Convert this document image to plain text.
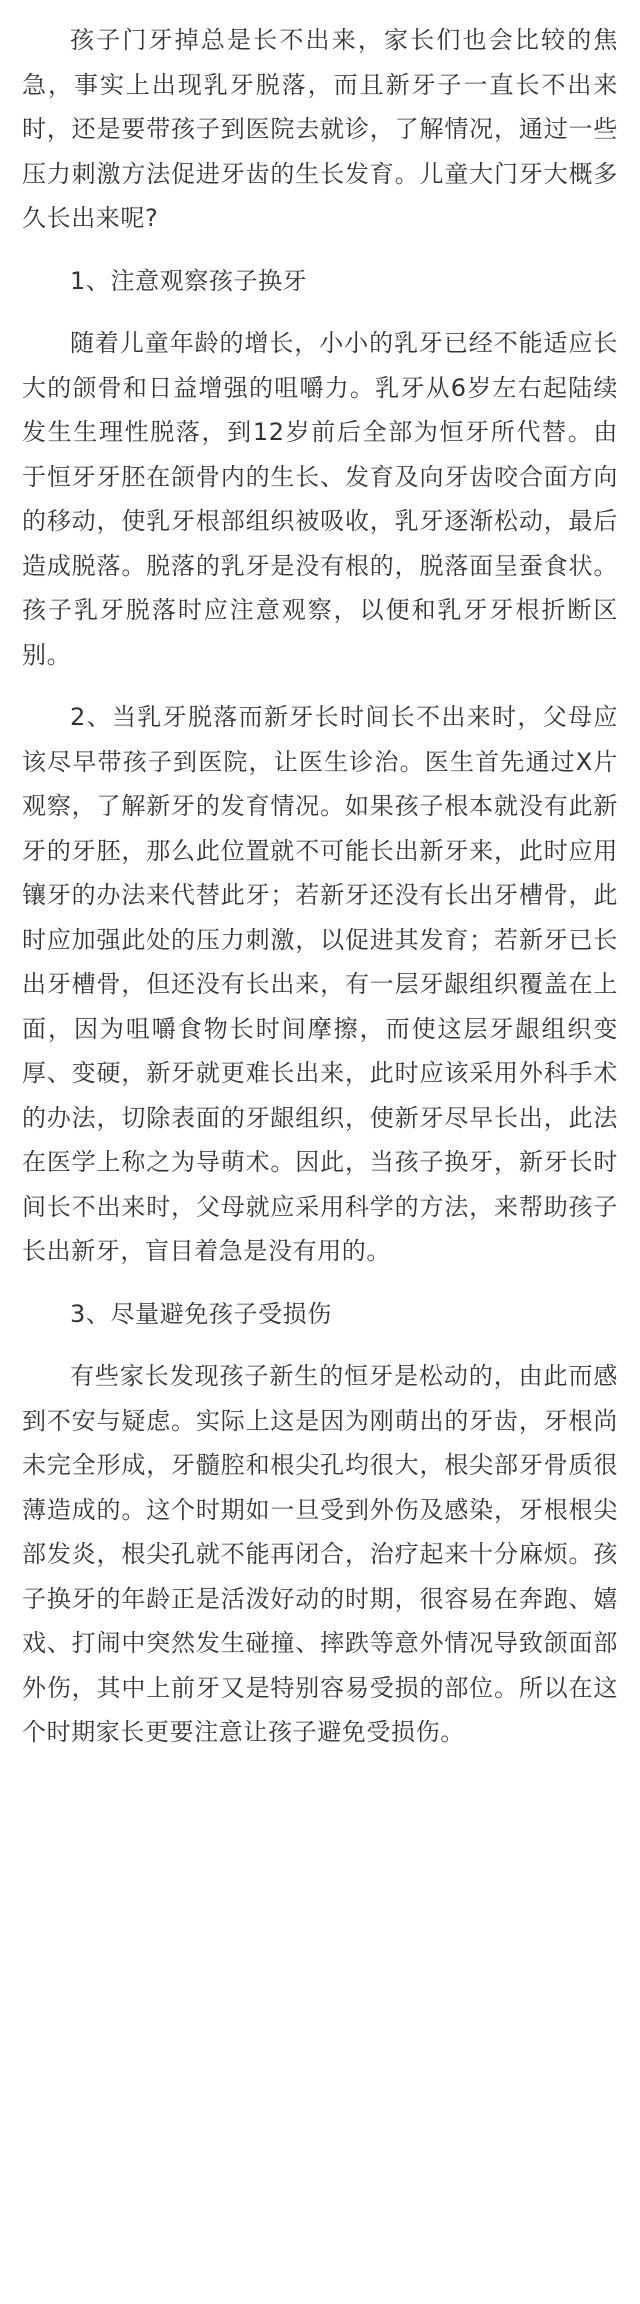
孩子门牙掉总是长不出来，家长们也会比较的焦急，事实上出现乳牙脱落，而且新牙子一直长不出来时，还是要带孩子到医院去就诊，了解情况，通过一些压力刺激方法促进牙齿的生长发育。儿童大门牙大概多久长出来呢?

1、注意观察孩子换牙

随着儿童年龄的增长，小小的乳牙已经不能适应长大的颌骨和日益增强的咀嚼力。乳牙从6岁左右起陆续发生生理性脱落，到12岁前后全部为恒牙所代替。由于恒牙牙胚在颌骨内的生长、发育及向牙齿咬合面方向的移动，使乳牙根部组织被吸收，乳牙逐渐松动，最后造成脱落。脱落的乳牙是没有根的，脱落面呈蚕食状。孩子乳牙脱落时应注意观察，以便和乳牙牙根折断区别。

2、当乳牙脱落而新牙长时间长不出来时，父母应该尽早带孩子到医院，让医生诊治。医生首先通过X片观察，了解新牙的发育情况。如果孩子根本就没有此新牙的牙胚，那么此位置就不可能长出新牙来，此时应用镶牙的办法来代替此牙；若新牙还没有长出牙槽骨，此时应加强此处的压力刺激，以促进其发育；若新牙已长出牙槽骨，但还没有长出来，有一层牙龈组织覆盖在上面，因为咀嚼食物长时间摩擦，而使这层牙龈组织变厚、变硬，新牙就更难长出来，此时应该采用外科手术的办法，切除表面的牙龈组织，使新牙尽早长出，此法在医学上称之为导萌术。因此，当孩子换牙，新牙长时间长不出来时，父母就应采用科学的方法，来帮助孩子长出新牙，盲目着急是没有用的。

3、尽量避免孩子受损伤

有些家长发现孩子新生的恒牙是松动的，由此而感到不安与疑虑。实际上这是因为刚萌出的牙齿，牙根尚未完全形成，牙髓腔和根尖孔均很大，根尖部牙骨质很薄造成的。这个时期如一旦受到外伤及感染，牙根根尖部发炎，根尖孔就不能再闭合，治疗起来十分麻烦。孩子换牙的年龄正是活泼好动的时期，很容易在奔跑、嬉戏、打闹中突然发生碰撞、摔跌等意外情况导致颌面部外伤，其中上前牙又是特别容易受损的部位。所以在这个时期家长更要注意让孩子避免受损伤。
